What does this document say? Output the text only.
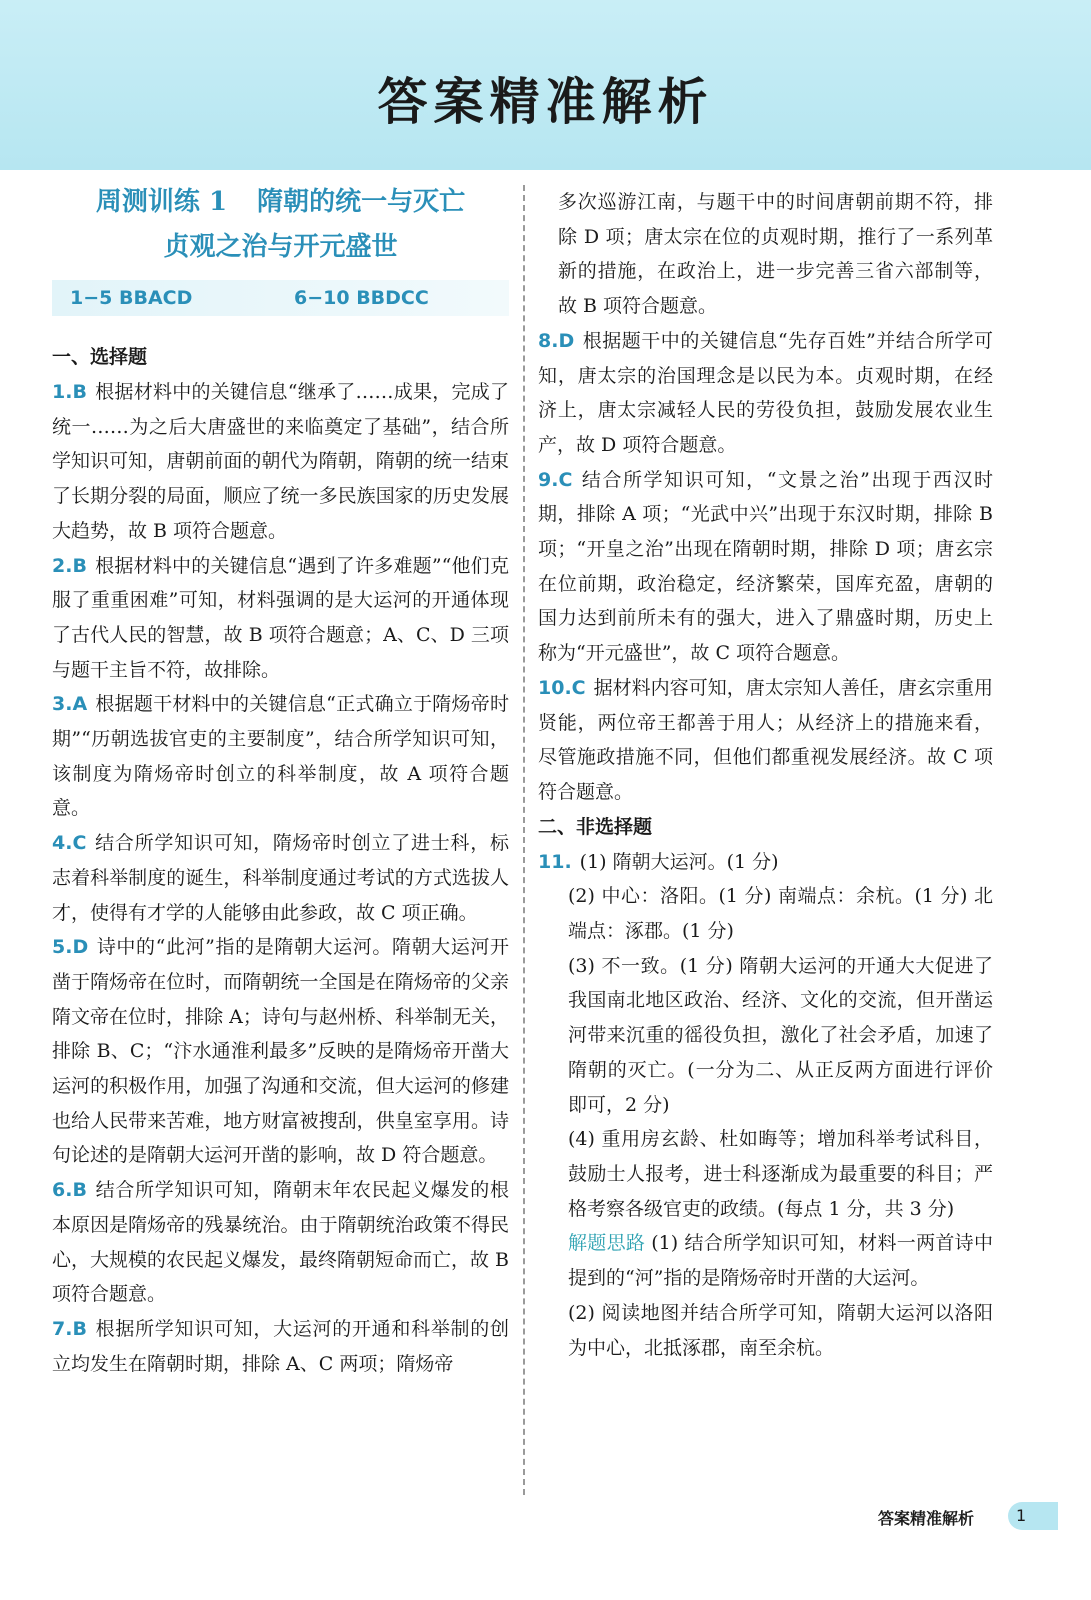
答案精准解析
周测训练 1 隋朝的统一与灭亡
贞观之治与开元盛世
1−5 BBACD	6−10 BBDCC
一、选择题

1.B 根据材料中的关键信息“继承了……成果，完成了统一……为之后大唐盛世的来临奠定了基础”，结合所学知识可知，唐朝前面的朝代为隋朝，隋朝的统一结束了长期分裂的局面，顺应了统一多民族国家的历史发展大趋势，故 B 项符合题意。

2.B 根据材料中的关键信息“遇到了许多难题”“他们克服了重重困难”可知，材料强调的是大运河的开通体现了古代人民的智慧，故 B 项符合题意；A、C、D 三项与题干主旨不符，故排除。

3.A 根据题干材料中的关键信息“正式确立于隋炀帝时期”“历朝选拔官吏的主要制度”，结合所学知识可知，该制度为隋炀帝时创立的科举制度，故 A 项符合题意。

4.C 结合所学知识可知，隋炀帝时创立了进士科，标志着科举制度的诞生，科举制度通过考试的方式选拔人才，使得有才学的人能够由此参政，故 C 项正确。

5.D 诗中的“此河”指的是隋朝大运河。隋朝大运河开凿于隋炀帝在位时，而隋朝统一全国是在隋炀帝的父亲隋文帝在位时，排除 A；诗句与赵州桥、科举制无关，排除 B、C；“汴水通淮利最多”反映的是隋炀帝开凿大运河的积极作用，加强了沟通和交流，但大运河的修建也给人民带来苦难，地方财富被搜刮，供皇室享用。诗句论述的是隋朝大运河开凿的影响，故 D 符合题意。

6.B 结合所学知识可知，隋朝末年农民起义爆发的根本原因是隋炀帝的残暴统治。由于隋朝统治政策不得民心，大规模的农民起义爆发，最终隋朝短命而亡，故 B 项符合题意。

7.B 根据所学知识可知，大运河的开通和科举制的创立均发生在隋朝时期，排除 A、C 两项；隋炀帝

多次巡游江南，与题干中的时间唐朝前期不符，排除 D 项；唐太宗在位的贞观时期，推行了一系列革新的措施，在政治上，进一步完善三省六部制等，故 B 项符合题意。

8.D 根据题干中的关键信息“先存百姓”并结合所学可知，唐太宗的治国理念是以民为本。贞观时期，在经济上，唐太宗减轻人民的劳役负担，鼓励发展农业生产，故 D 项符合题意。

9.C 结合所学知识可知，“文景之治”出现于西汉时期，排除 A 项；“光武中兴”出现于东汉时期，排除 B 项；“开皇之治”出现在隋朝时期，排除 D 项；唐玄宗在位前期，政治稳定，经济繁荣，国库充盈，唐朝的国力达到前所未有的强大，进入了鼎盛时期，历史上称为“开元盛世”，故 C 项符合题意。

10.C 据材料内容可知，唐太宗知人善任，唐玄宗重用贤能，两位帝王都善于用人；从经济上的措施来看，尽管施政措施不同，但他们都重视发展经济。故 C 项符合题意。

二、非选择题

11. (1) 隋朝大运河。(1 分)

(2) 中心：洛阳。(1 分) 南端点：余杭。(1 分) 北端点：涿郡。(1 分)

(3) 不一致。(1 分) 隋朝大运河的开通大大促进了我国南北地区政治、经济、文化的交流，但开凿运河带来沉重的徭役负担，激化了社会矛盾，加速了隋朝的灭亡。(一分为二、从正反两方面进行评价即可，2 分)

(4) 重用房玄龄、杜如晦等；增加科举考试科目，鼓励士人报考，进士科逐渐成为最重要的科目；严格考察各级官吏的政绩。(每点 1 分，共 3 分)

解题思路 (1) 结合所学知识可知，材料一两首诗中提到的“河”指的是隋炀帝时开凿的大运河。

(2) 阅读地图并结合所学可知，隋朝大运河以洛阳为中心，北抵涿郡，南至余杭。

答案精准解析	1
